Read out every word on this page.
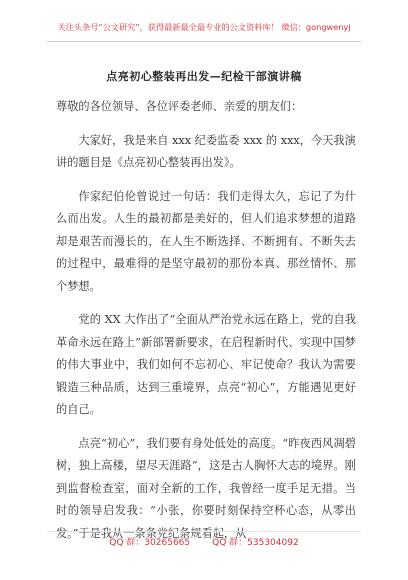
关注头条号“公文研究”，获得最新最全最专业的公文资料库！ 微信：gongwenyj
点亮初心整装再出发—纪检干部演讲稿

尊敬的各位领导、各位评委老师、亲爱的朋友们：

大家好，我是来自 xxx 纪委监委 xxx 的 xxx，今天我演讲的题目是《点亮初心整装再出发》。

作家纪伯伦曾说过一句话：我们走得太久，忘记了为什么而出发。人生的最初都是美好的，但人们追求梦想的道路却是艰苦而漫长的，在人生不断选择、不断拥有、不断失去的过程中，最难得的是坚守最初的那份本真、那丝情怀、那个梦想。

党的 XX 大作出了“全面从严治党永远在路上，党的自我革命永远在路上”新部署新要求，在启程新时代、实现中国梦的伟大事业中，我们如何不忘初心、牢记使命？我认为需要锻造三种品质，达到三重境界，点亮“初心”，方能遇见更好的自己。

点亮“初心”，我们要有身处低处的高度。“昨夜西风凋碧树，独上高楼，望尽天涯路”，这是古人胸怀大志的境界。刚到监督检查室，面对全新的工作，我曾经一度手足无措。当时的领导启发我：“小张，你要时刻保持空杯心态，从零出发。”于是我从一条条党纪条规看起，从

QQ 群：30265665 QQ 群：535304092
